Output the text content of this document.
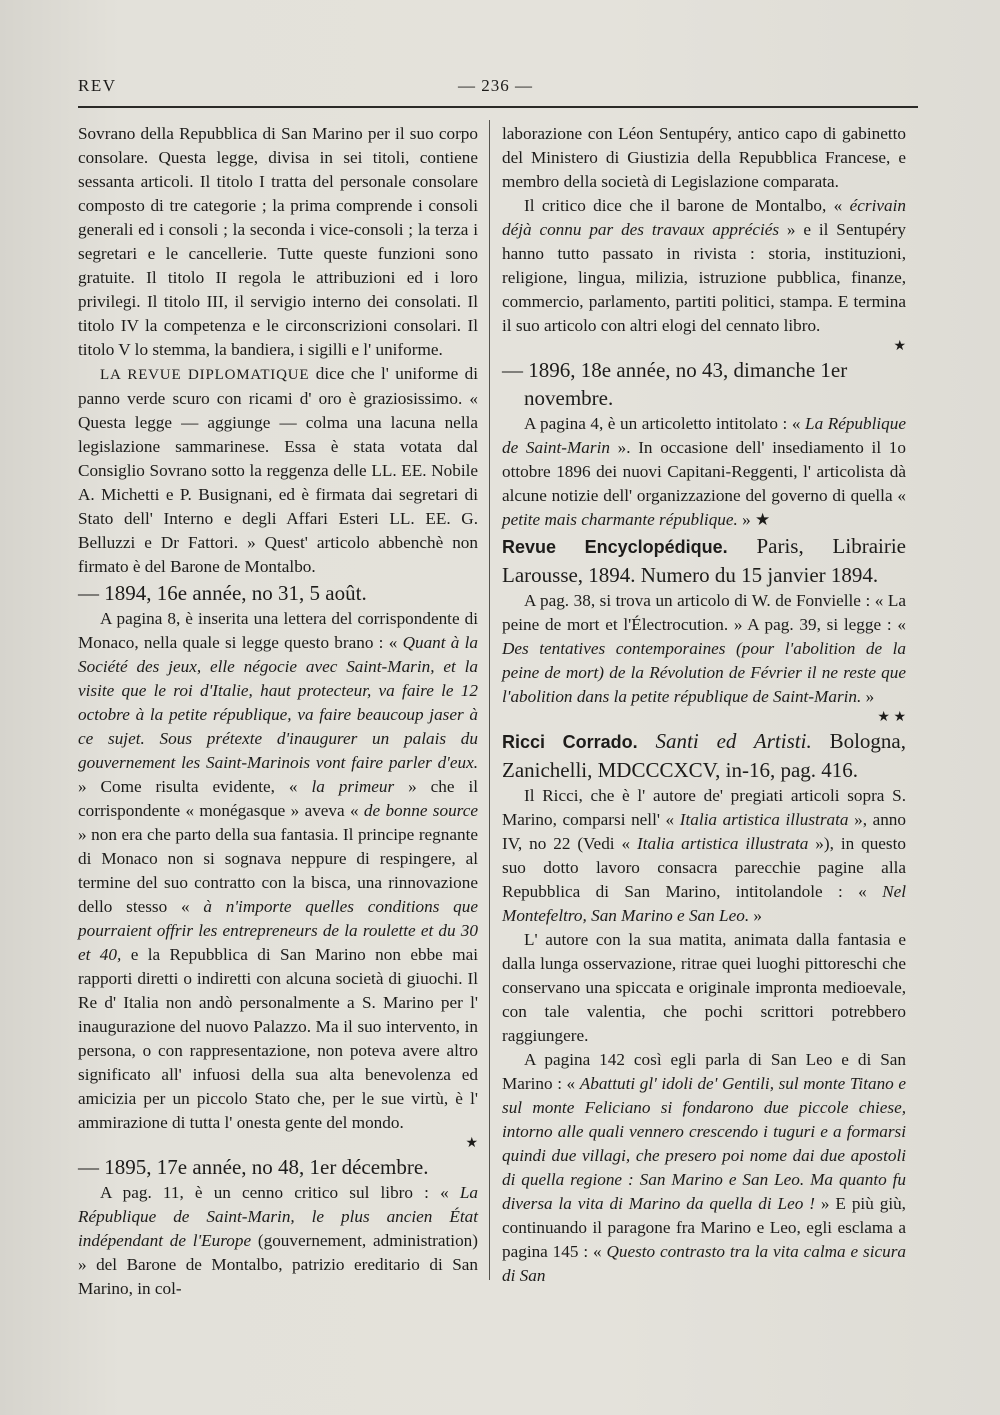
REV	— 236 —

Sovrano della Repubblica di San Marino per il suo corpo consolare. Questa legge, divisa in sei titoli, contiene sessanta articoli. Il titolo I tratta del personale consolare composto di tre categorie ; la prima comprende i consoli generali ed i consoli ; la seconda i vice-consoli ; la terza i segretari e le cancellerie. Tutte queste funzioni sono gratuite. Il titolo II regola le attribuzioni ed i loro privilegi. Il titolo III, il servigio interno dei consolati. Il titolo IV la competenza e le circonscrizioni consolari. Il titolo V lo stemma, la bandiera, i sigilli e l' uniforme.

LA REVUE DIPLOMATIQUE dice che l' uniforme di panno verde scuro con ricami d' oro è graziosissimo. « Questa legge — aggiunge — colma una lacuna nella legislazione sammarinese. Essa è stata votata dal Consiglio Sovrano sotto la reggenza delle LL. EE. Nobile A. Michetti e P. Busignani, ed è firmata dai segretari di Stato dell' Interno e degli Affari Esteri LL. EE. G. Belluzzi e Dr Fattori. » Quest' articolo abbenchè non firmato è del Barone de Montalbo.

— 1894, 16e année, no 31, 5 août.

A pagina 8, è inserita una lettera del corrispondente di Monaco, nella quale si legge questo brano : « Quant à la Société des jeux, elle négocie avec Saint-Marin, et la visite que le roi d'Italie, haut protecteur, va faire le 12 octobre à la petite république, va faire beaucoup jaser à ce sujet. Sous prétexte d'inaugurer un palais du gouvernement les Saint-Marinois vont faire parler d'eux. » Come risulta evidente, « la primeur » che il corrispondente « monégasque » aveva « de bonne source » non era che parto della sua fantasia. Il principe regnante di Monaco non si sognava neppure di respingere, al termine del suo contratto con la bisca, una rinnovazione dello stesso « à n'importe quelles conditions que pourraient offrir les entrepreneurs de la roulette et du 30 et 40, e la Repubblica di San Marino non ebbe mai rapporti diretti o indiretti con alcuna società di giuochi. Il Re d' Italia non andò personalmente a S. Marino per l' inaugurazione del nuovo Palazzo. Ma il suo intervento, in persona, o con rappresentazione, non poteva avere altro significato all' infuosi della sua alta benevolenza ed amicizia per un piccolo Stato che, per le sue virtù, è l' ammirazione di tutta l' onesta gente del mondo.

★

— 1895, 17e année, no 48, 1er décembre.

A pag. 11, è un cenno critico sul libro : « La République de Saint-Marin, le plus ancien État indépendant de l'Europe (gouvernement, administration) » del Barone de Montalbo, patrizio ereditario di San Marino, in col-

laborazione con Léon Sentupéry, antico capo di gabinetto del Ministero di Giustizia della Repubblica Francese, e membro della società di Legislazione comparata.

Il critico dice che il barone de Montalbo, « écrivain déjà connu par des travaux appréciés » e il Sentupéry hanno tutto passato in rivista : storia, instituzioni, religione, lingua, milizia, istruzione pubblica, finanze, commercio, parlamento, partiti politici, stampa. E termina il suo articolo con altri elogi del cennato libro.

★

— 1896, 18e année, no 43, dimanche 1er

novembre.

A pagina 4, è un articoletto intitolato : « La République de Saint-Marin ». In occasione dell' insediamento il 1o ottobre 1896 dei nuovi Capitani-Reggenti, l' articolista dà alcune notizie dell' organizzazione del governo di quella « petite mais charmante république. » ★

Revue Encyclopédique. Paris, Librairie Larousse, 1894. Numero du 15 janvier 1894.

A pag. 38, si trova un articolo di W. de Fonvielle : « La peine de mort et l'Électrocution. » A pag. 39, si legge : « Des tentatives contemporaines (pour l'abolition de la peine de mort) de la Révolution de Février il ne reste que l'abolition dans la petite république de Saint-Marin. »

★ ★

Ricci Corrado. Santi ed Artisti. Bologna, Zanichelli, MDCCCXCV, in-16, pag. 416.

Il Ricci, che è l' autore de' pregiati articoli sopra S. Marino, comparsi nell' « Italia artistica illustrata », anno IV, no 22 (Vedi « Italia artistica illustrata »), in questo suo dotto lavoro consacra parecchie pagine alla Repubblica di San Marino, intitolandole : « Nel Montefeltro, San Marino e San Leo. »

L' autore con la sua matita, animata dalla fantasia e dalla lunga osservazione, ritrae quei luoghi pittoreschi che conservano una spiccata e originale impronta medioevale, con tale valentia, che pochi scrittori potrebbero raggiungere.

A pagina 142 così egli parla di San Leo e di San Marino : « Abattuti gl' idoli de' Gentili, sul monte Titano e sul monte Feliciano si fondarono due piccole chiese, intorno alle quali vennero crescendo i tuguri e a formarsi quindi due villagi, che presero poi nome dai due apostoli di quella regione : San Marino e San Leo. Ma quanto fu diversa la vita di Marino da quella di Leo ! » E più giù, continuando il paragone fra Marino e Leo, egli esclama a pagina 145 : « Questo contrasto tra la vita calma e sicura di San
